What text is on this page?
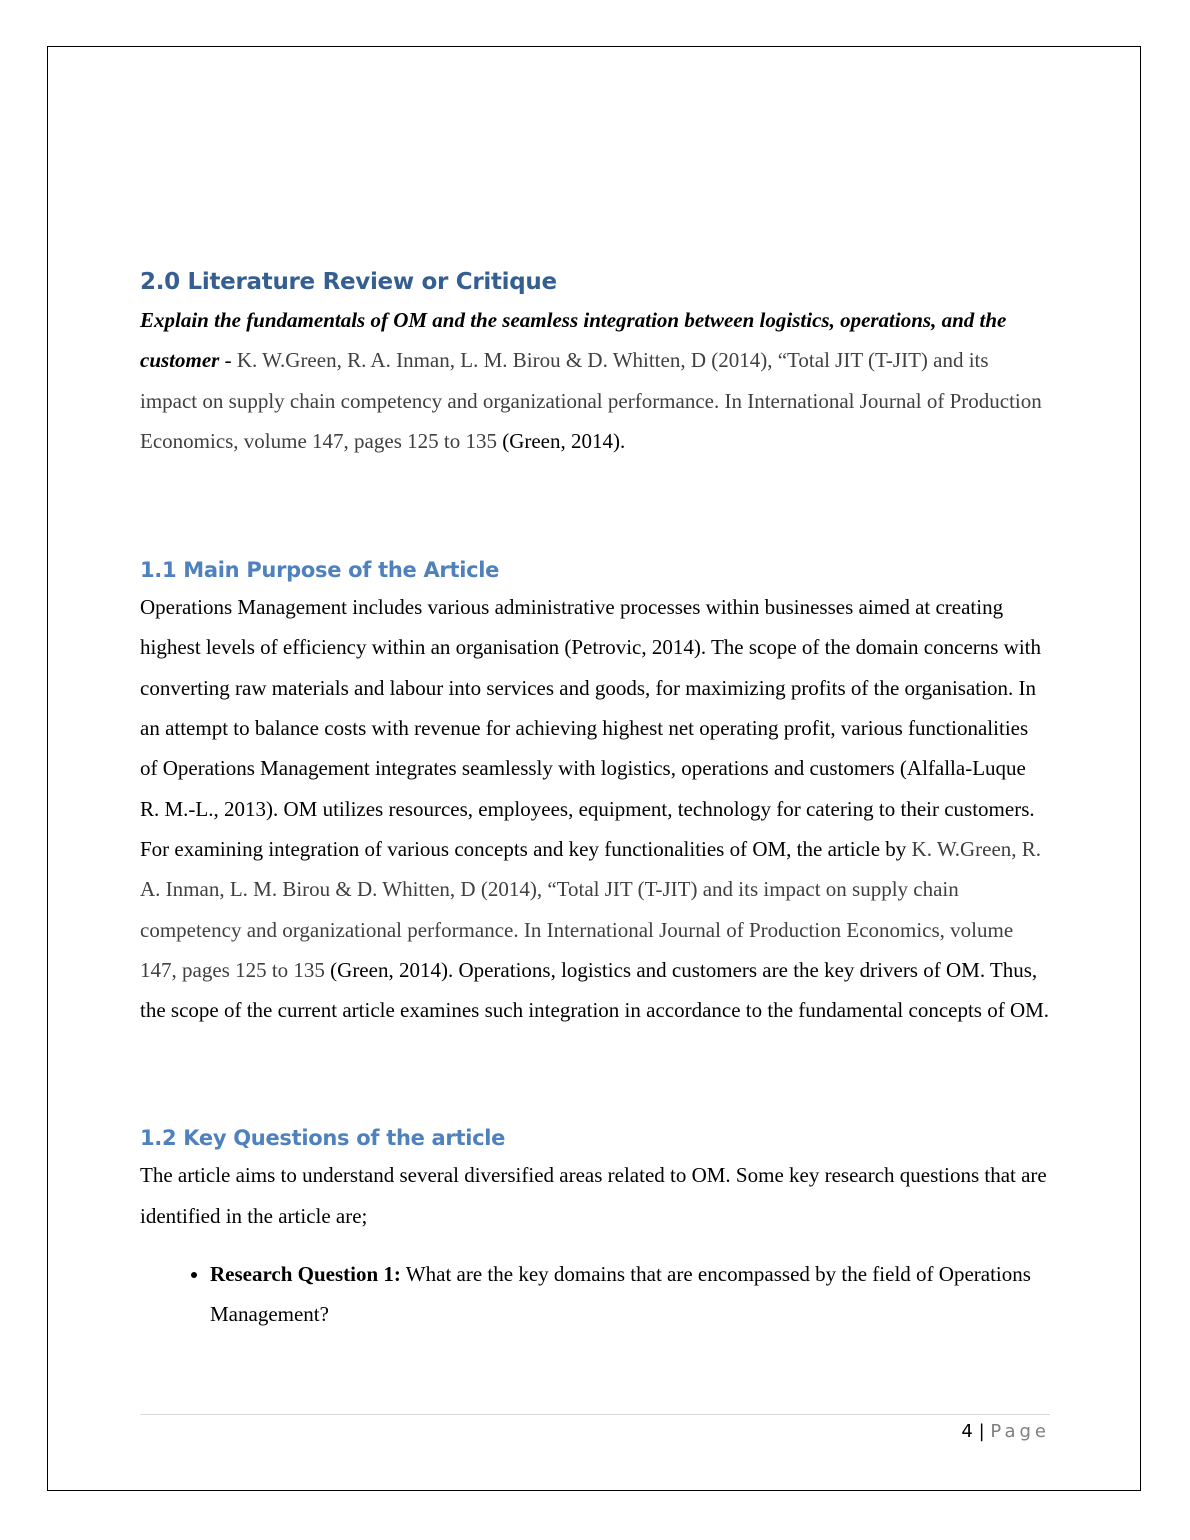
2.0 Literature Review or Critique

Explain the fundamentals of OM and the seamless integration between logistics, operations, and the customer - K. W.Green, R. A. Inman, L. M. Birou & D. Whitten, D (2014), “Total JIT (T-JIT) and its impact on supply chain competency and organizational performance. In International Journal of Production Economics, volume 147, pages 125 to 135 (Green, 2014).

1.1 Main Purpose of the Article

Operations Management includes various administrative processes within businesses aimed at creating highest levels of efficiency within an organisation (Petrovic, 2014). The scope of the domain concerns with converting raw materials and labour into services and goods, for maximizing profits of the organisation. In an attempt to balance costs with revenue for achieving highest net operating profit, various functionalities of Operations Management integrates seamlessly with logistics, operations and customers (Alfalla-Luque R. M.-L., 2013). OM utilizes resources, employees, equipment, technology for catering to their customers. For examining integration of various concepts and key functionalities of OM, the article by K. W.Green, R. A. Inman, L. M. Birou & D. Whitten, D (2014), “Total JIT (T-JIT) and its impact on supply chain competency and organizational performance. In International Journal of Production Economics, volume 147, pages 125 to 135 (Green, 2014). Operations, logistics and customers are the key drivers of OM. Thus, the scope of the current article examines such integration in accordance to the fundamental concepts of OM.

1.2 Key Questions of the article

The article aims to understand several diversified areas related to OM. Some key research questions that are identified in the article are;

• Research Question 1: What are the key domains that are encompassed by the field of Operations Management?
4 | Page
